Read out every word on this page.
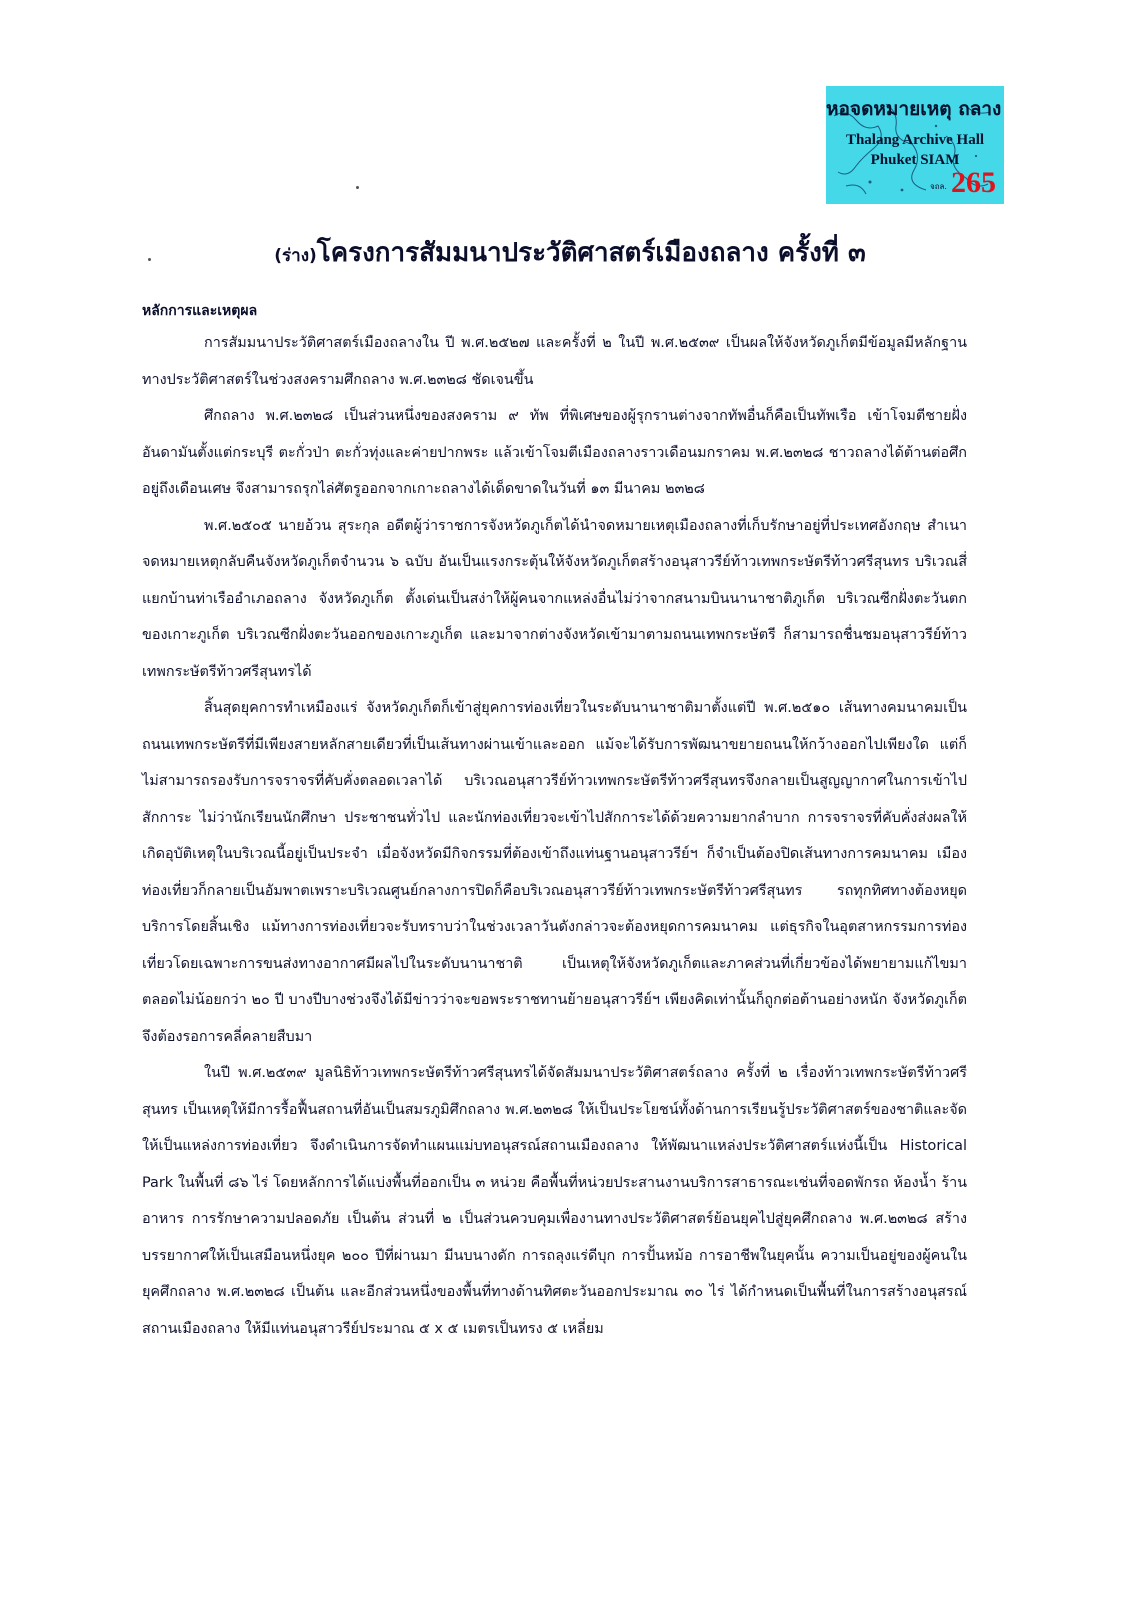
หอจดหมายเหตุ ถลาง
Thalang Archive Hall
Phuket SIAM
จถล. 265
(ร่าง)โครงการสัมมนาประวัติศาสตร์เมืองถลาง ครั้งที่ ๓
หลักการและเหตุผล

การสัมมนาประวัติศาสตร์เมืองถลางใน ปี พ.ศ.๒๕๒๗ และครั้งที่ ๒ ในปี พ.ศ.๒๕๓๙ เป็นผลให้จังหวัดภูเก็ตมีข้อมูลมีหลักฐานทางประวัติศาสตร์ในช่วงสงครามศึกถลาง พ.ศ.๒๓๒๘ ชัดเจนขึ้น

ศึกถลาง พ.ศ.๒๓๒๘ เป็นส่วนหนึ่งของสงคราม ๙ ทัพ ที่พิเศษของผู้รุกรานต่างจากทัพอื่นก็คือเป็นทัพเรือ เข้าโจมตีชายฝั่งอันดามันตั้งแต่กระบุรี ตะกั่วป่า ตะกั่วทุ่งและค่ายปากพระ แล้วเข้าโจมตีเมืองถลางราวเดือนมกราคม พ.ศ.๒๓๒๘ ชาวถลางได้ต้านต่อศึกอยู่ถึงเดือนเศษ จึงสามารถรุกไล่ศัตรูออกจากเกาะถลางได้เด็ดขาดในวันที่ ๑๓ มีนาคม ๒๓๒๘

พ.ศ.๒๕๐๕ นายอ้วน สุระกุล อดีตผู้ว่าราชการจังหวัดภูเก็ตได้นำจดหมายเหตุเมืองถลางที่เก็บรักษาอยู่ที่ประเทศอังกฤษ สำเนาจดหมายเหตุกลับคืนจังหวัดภูเก็ตจำนวน ๖ ฉบับ อันเป็นแรงกระตุ้นให้จังหวัดภูเก็ตสร้างอนุสาวรีย์ท้าวเทพกระษัตรีท้าวศรีสุนทร บริเวณสี่แยกบ้านท่าเรืออำเภอถลาง จังหวัดภูเก็ต ตั้งเด่นเป็นสง่าให้ผู้คนจากแหล่งอื่นไม่ว่าจากสนามบินนานาชาติภูเก็ต บริเวณซีกฝั่งตะวันตกของเกาะภูเก็ต บริเวณซีกฝั่งตะวันออกของเกาะภูเก็ต และมาจากต่างจังหวัดเข้ามาตามถนนเทพกระษัตรี ก็สามารถชื่นชมอนุสาวรีย์ท้าวเทพกระษัตรีท้าวศรีสุนทรได้

สิ้นสุดยุคการทำเหมืองแร่ จังหวัดภูเก็ตก็เข้าสู่ยุคการท่องเที่ยวในระดับนานาชาติมาตั้งแต่ปี พ.ศ.๒๕๑๐ เส้นทางคมนาคมเป็นถนนเทพกระษัตรีที่มีเพียงสายหลักสายเดียวที่เป็นเส้นทางผ่านเข้าและออก แม้จะได้รับการพัฒนาขยายถนนให้กว้างออกไปเพียงใด แต่ก็ไม่สามารถรองรับการจราจรที่คับคั่งตลอดเวลาได้ บริเวณอนุสาวรีย์ท้าวเทพกระษัตรีท้าวศรีสุนทรจึงกลายเป็นสูญญากาศในการเข้าไปสักการะ ไม่ว่านักเรียนนักศึกษา ประชาชนทั่วไป และนักท่องเที่ยวจะเข้าไปสักการะได้ด้วยความยากลำบาก การจราจรที่คับคั่งส่งผลให้เกิดอุบัติเหตุในบริเวณนี้อยู่เป็นประจำ เมื่อจังหวัดมีกิจกรรมที่ต้องเข้าถึงแท่นฐานอนุสาวรีย์ฯ ก็จำเป็นต้องปิดเส้นทางการคมนาคม เมืองท่องเที่ยวก็กลายเป็นอัมพาตเพราะบริเวณศูนย์กลางการปิดก็คือบริเวณอนุสาวรีย์ท้าวเทพกระษัตรีท้าวศรีสุนทร รถทุกทิศทางต้องหยุดบริการโดยสิ้นเชิง แม้ทางการท่องเที่ยวจะรับทราบว่าในช่วงเวลาวันดังกล่าวจะต้องหยุดการคมนาคม แต่ธุรกิจในอุตสาหกรรมการท่องเที่ยวโดยเฉพาะการขนส่งทางอากาศมีผลไปในระดับนานาชาติ เป็นเหตุให้จังหวัดภูเก็ตและภาคส่วนที่เกี่ยวข้องได้พยายามแก้ไขมาตลอดไม่น้อยกว่า ๒๐ ปี บางปีบางช่วงจึงได้มีข่าวว่าจะขอพระราชทานย้ายอนุสาวรีย์ฯ เพียงคิดเท่านั้นก็ถูกต่อต้านอย่างหนัก จังหวัดภูเก็ตจึงต้องรอการคลี่คลายสืบมา

ในปี พ.ศ.๒๕๓๙ มูลนิธิท้าวเทพกระษัตรีท้าวศรีสุนทรได้จัดสัมมนาประวัติศาสตร์ถลาง ครั้งที่ ๒ เรื่องท้าวเทพกระษัตรีท้าวศรีสุนทร เป็นเหตุให้มีการรื้อฟื้นสถานที่อันเป็นสมรภูมิศึกถลาง พ.ศ.๒๓๒๘ ให้เป็นประโยชน์ทั้งด้านการเรียนรู้ประวัติศาสตร์ของชาติและจัดให้เป็นแหล่งการท่องเที่ยว จึงดำเนินการจัดทำแผนแม่บทอนุสรณ์สถานเมืองถลาง ให้พัฒนาแหล่งประวัติศาสตร์แห่งนี้เป็น Historical Park ในพื้นที่ ๘๖ ไร่ โดยหลักการได้แบ่งพื้นที่ออกเป็น ๓ หน่วย คือพื้นที่หน่วยประสานงานบริการสาธารณะเช่นที่จอดพักรถ ห้องน้ำ ร้านอาหาร การรักษาความปลอดภัย เป็นต้น ส่วนที่ ๒ เป็นส่วนควบคุมเพื่องานทางประวัติศาสตร์ย้อนยุคไปสู่ยุคศึกถลาง พ.ศ.๒๓๒๘ สร้างบรรยากาศให้เป็นเสมือนหนึ่งยุค ๒๐๐ ปีที่ผ่านมา มีนบนางดัก การถลุงแร่ดีบุก การปั้นหม้อ การอาชีพในยุคนั้น ความเป็นอยู่ของผู้คนในยุคศึกถลาง พ.ศ.๒๓๒๘ เป็นต้น และอีกส่วนหนึ่งของพื้นที่ทางด้านทิศตะวันออกประมาณ ๓๐ ไร่ ได้กำหนดเป็นพื้นที่ในการสร้างอนุสรณ์สถานเมืองถลาง ให้มีแท่นอนุสาวรีย์ประมาณ ๕ x ๕ เมตรเป็นทรง ๕ เหลี่ยม
